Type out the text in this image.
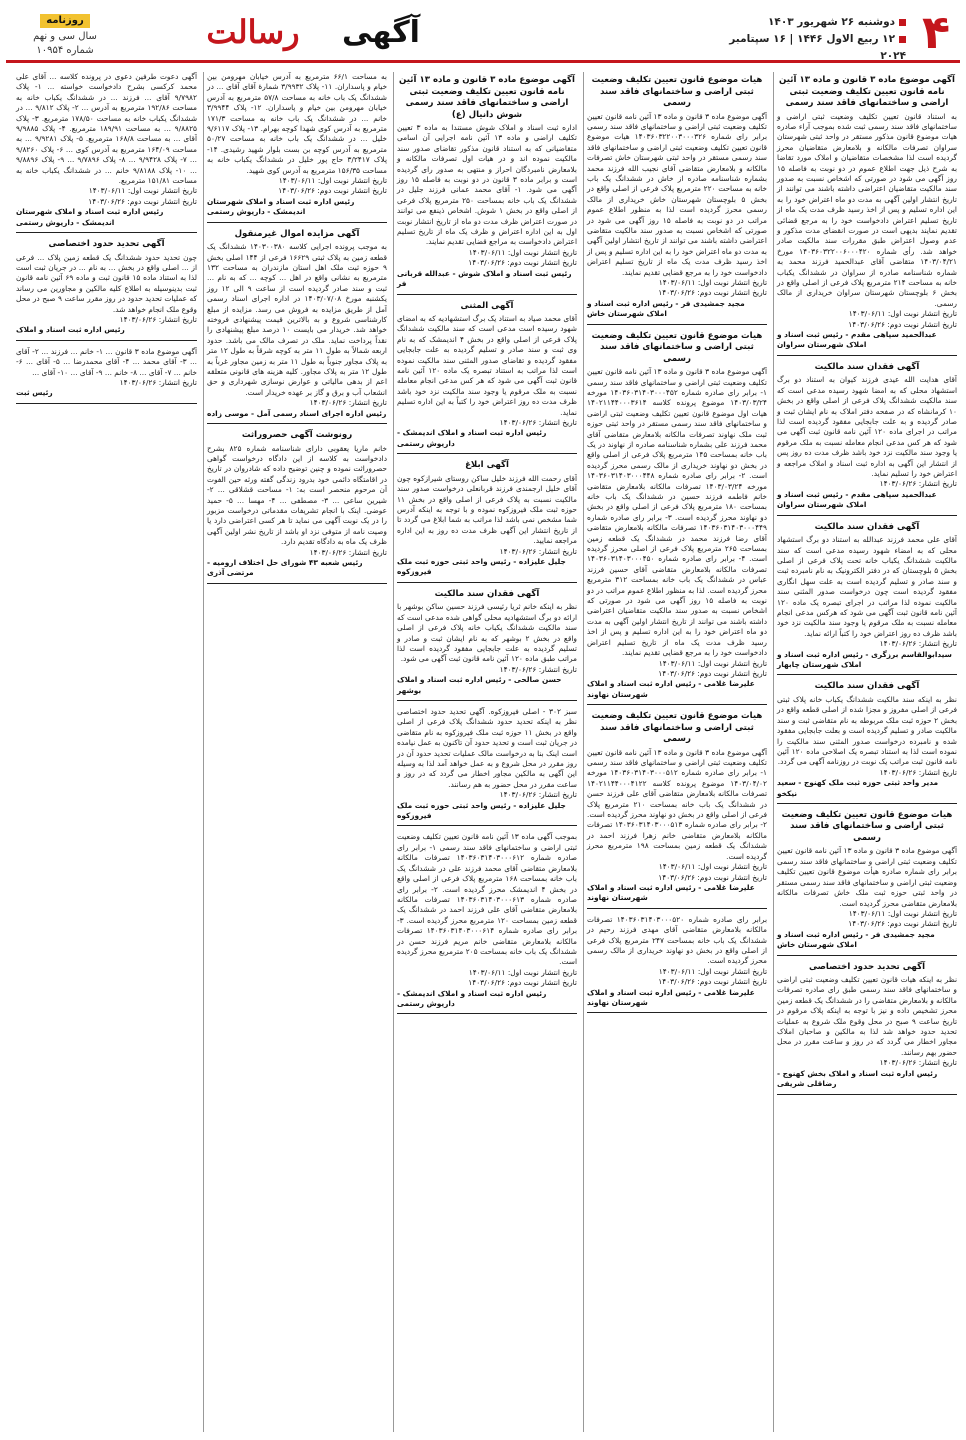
۴
دوشنبه ۲۶ شهریور ۱۴۰۳
۱۲ ربیع الاول ۱۴۴۶ | ۱۶ سپتامبر ۲۰۲۴
آگهی
رسالت
روزنامه
سال سی و نهم
شماره ۱۰۹۵۴
آگهی موضوع ماده ۳ قانون و ماده ۱۳ آئین نامه قانون تعیین تکلیف وضعیت ثبتی اراضی و ساختمانهای فاقد سند رسمی
به استناد قانون تعیین تکلیف وضعیت ثبتی اراضی و ساختمانهای فاقد سند رسمی ثبت شده بموجب آراء صادره هیات موضوع قانون مذکور مستقر در واحد ثبتی شهرستان سراوان تصرفات مالکانه و بلامعارض متقاضیان محرز گردیده است لذا مشخصات متقاضیان و املاک مورد تقاضا به شرح ذیل جهت اطلاع عموم در دو نوبت به فاصله ۱۵ روز آگهی می شود در صورتی که اشخاص نسبت به صدور سند مالکیت متقاضیان اعتراضی داشته باشند می توانند از تاریخ انتشار اولین آگهی به مدت دو ماه اعتراض خود را به این اداره تسلیم و پس از اخذ رسید ظرف مدت یک ماه از تاریخ تسلیم اعتراض دادخواست خود را به مرجع قضائی تقدیم نمایند بدیهی است در صورت انقضای مدت مذکور و عدم وصول اعتراض طبق مقررات سند مالکیت صادر خواهد شد. رأی شماره ۱۴۰۳۶۰۳۲۲۰۰۶۰۰۰۴۲۰ مورخ ۱۴۰۳/۰۴/۲۱ متقاضی آقای عبدالحمید فرزند محمد به شماره شناسنامه صادره از سراوان در ششدانگ یکباب خانه به مساحت ۲۱۴ مترمربع پلاک فرعی از اصلی واقع در بخش ۶ بلوچستان شهرستان سراوان خریداری از مالک رسمی.
تاریخ انتشار نوبت اول: ۱۴۰۳/۰۶/۱۱
تاریخ انتشار نوبت دوم: ۱۴۰۳/۰۶/۲۶
عبدالحمید سپاهی مقدم - رئیس ثبت اسناد و املاک شهرستان سراوان
آگهی فقدان سند مالکیت
آقای هدایت الله عیدی فرزند کیوان به استناد دو برگ استشهاد محلی که به امضا شهود رسیده مدعی است که سند مالکیت ششدانگ پلاک فرعی از اصلی واقع در بخش ۱۰ کرمانشاه که در صفحه دفتر املاک به نام ایشان ثبت و صادر گردیده و به علت جابجایی مفقود گردیده است لذا مراتب در اجرای ماده ۱۲۰ آئین نامه قانون ثبت آگهی می شود که هر کس مدعی انجام معامله نسبت به ملک مرقوم یا وجود سند مالکیت نزد خود باشد ظرف مدت ده روز پس از انتشار این آگهی به اداره ثبت اسناد و املاک مراجعه و اعتراض خود را تسلیم نماید.
تاریخ انتشار: ۱۴۰۳/۰۶/۲۶
عبدالحمید سپاهی مقدم - رئیس ثبت اسناد و املاک شهرستان سراوان
آگهی فقدان سند مالکیت
آقای علی محمد فرزند عبدالله به استناد دو برگ استشهاد محلی که به امضاء شهود رسیده مدعی است که سند مالکیت ششدانگ یکباب خانه تحت پلاک فرعی از اصلی بخش ۵ بلوچستان که در دفتر الکترونیک به نام نامبرده ثبت و سند صادر و تسلیم گردیده است به علت سهل انگاری مفقود گردیده است چون درخواست صدور المثنی سند مالکیت نموده لذا مراتب در اجرای تبصره یک ماده ۱۲۰ آئین نامه قانون ثبت آگهی می شود که هرکس مدعی انجام معامله نسبت به ملک مرقوم یا وجود سند مالکیت نزد خود باشد ظرف ده روز اعتراض خود را کتباً ارائه نماید.
تاریخ انتشار: ۱۴۰۳/۰۶/۲۶
سیدابوالقاسم برزگری - رئیس اداره ثبت اسناد و املاک شهرستان چابهار
آگهی فقدان سند مالکیت
نظر به اینکه سند مالکیت ششدانگ یکباب خانه پلاک ثبتی فرعی از اصلی مفروز و مجزا شده از اصلی قطعه واقع در بخش ۲ حوزه ثبت ملک مربوطه به نام متقاضی ثبت و سند مالکیت صادر و تسلیم گردیده است و بعلت جابجایی مفقود شده و نامبرده درخواست صدور المثنی سند مالکیت را نموده است لذا به استناد تبصره یک اصلاحی ماده ۱۲۰ آئین نامه قانون ثبت مراتب یک نوبت در روزنامه آگهی می گردد.
تاریخ انتشار: ۱۴۰۳/۰۶/۲۶
مدیر واحد ثبتی حوزه ثبت ملک کهنوج - سعید نیکخو
هیات موضوع قانون تعیین تکلیف وضعیت ثبتی اراضی و ساختمانهای فاقد سند رسمی
آگهی موضوع ماده ۳ قانون و ماده ۱۳ آئین نامه قانون تعیین تکلیف وضعیت ثبتی اراضی و ساختمانهای فاقد سند رسمی برابر رای شماره صادره هیأت موضوع قانون تعیین تکلیف وضعیت ثبتی اراضی و ساختمانهای فاقد سند رسمی مستقر در واحد ثبتی حوزه ثبت ملک خاش تصرفات مالکانه بلامعارض متقاضی محرز گردیده است.
تاریخ انتشار نوبت اول: ۱۴۰۳/۰۶/۱۱
تاریخ انتشار نوبت دوم: ۱۴۰۳/۰۶/۲۶
مجید جمشیدی فر - رئیس اداره ثبت اسناد و املاک شهرستان خاش
آگهی تحدید حدود اختصاصی
نظر به اینکه هیات قانون تعیین تکلیف وضعیت ثبتی اراضی و ساختمانهای فاقد سند رسمی طبق رای صادره تصرفات مالکانه و بلامعارض متقاضی را در ششدانگ یک قطعه زمین محرز تشخیص داده و نیز با توجه به اینکه پلاک مرقوم در تاریخ ساعت ۹ صبح در محل وقوع ملک شروع به عملیات تحدید حدود خواهد شد لذا به مالکین و صاحبان املاک مجاور اخطار می گردد که در روز و ساعت مقرر در محل حضور بهم رسانند.
تاریخ انتشار: ۱۴۰۳/۰۶/۲۶
رئیس اداره ثبت اسناد و املاک بخش کهنوج - رضاقلی شریفی
هیات موضوع قانون تعیین تکلیف وضعیت ثبتی اراضی و ساختمانهای فاقد سند رسمی
آگهی موضوع ماده ۳ قانون و ماده ۱۳ آئین نامه قانون تعیین تکلیف وضعیت ثبتی اراضی و ساختمانهای فاقد سند رسمی برابر رای شماره ۱۴۰۳۶۰۳۲۲۰۰۳۰۰۰۳۲۶ هیات موضوع قانون تعیین تکلیف وضعیت ثبتی اراضی و ساختمانهای فاقد سند رسمی مستقر در واحد ثبتی شهرستان خاش تصرفات مالکانه و بلامعارض متقاضی آقای نجیب الله فرزند محمد بشماره شناسنامه صادره از خاش در ششدانگ یک باب خانه به مساحت ۲۲۰ مترمربع پلاک فرعی از اصلی واقع در بخش ۵ بلوچستان شهرستان خاش خریداری از مالک رسمی محرز گردیده است لذا به منظور اطلاع عموم مراتب در دو نوبت به فاصله ۱۵ روز آگهی می شود در صورتی که اشخاص نسبت به صدور سند مالکیت متقاضی اعتراضی داشته باشند می توانند از تاریخ انتشار اولین آگهی به مدت دو ماه اعتراض خود را به این اداره تسلیم و پس از اخذ رسید ظرف مدت یک ماه از تاریخ تسلیم اعتراض دادخواست خود را به مرجع قضایی تقدیم نمایند.
تاریخ انتشار نوبت اول: ۱۴۰۳/۰۶/۱۱
تاریخ انتشار نوبت دوم: ۱۴۰۳/۰۶/۲۶
مجید جمشیدی فر - رئیس اداره ثبت اسناد و املاک شهرستان خاش
هیات موضوع قانون تعیین تکلیف وضعیت ثبتی اراضی و ساختمانهای فاقد سند رسمی
آگهی موضوع ماده ۳ قانون و ماده ۱۳ آئین نامه قانون تعیین تکلیف وضعیت ثبتی اراضی و ساختمانهای فاقد سند رسمی ۱- برابر رای صادره شماره ۱۴۰۳۶۰۳۱۴۰۳۰۰۰۴۵۲ مورخه ۱۴۰۳/۰۳/۲۴ موضوع پرونده کلاسه ۱۴۰۲۱۱۴۴۰۰۰۳۶۱۴ هیات اول موضوع قانون تعیین تکلیف وضعیت ثبتی اراضی و ساختمانهای فاقد سند رسمی مستقر در واحد ثبتی حوزه ثبت ملک نهاوند تصرفات مالکانه بلامعارض متقاضی آقای محمد فرزند علی بشماره شناسنامه صادره از نهاوند در یک باب خانه بمساحت ۱۴۵ مترمربع پلاک فرعی از اصلی واقع در بخش دو نهاوند خریداری از مالک رسمی محرز گردیده است. ۲- برابر رای صادره شماره ۱۴۰۳۶۰۳۱۴۰۳۰۰۰۴۴۸ مورخه ۱۴۰۳/۰۳/۲۴ تصرفات مالکانه بلامعارض متقاضی خانم فاطمه فرزند حسین در ششدانگ یک باب خانه بمساحت ۱۸۰ مترمربع پلاک فرعی از اصلی واقع در بخش دو نهاوند محرز گردیده است. ۳- برابر رای صادره شماره ۱۴۰۳۶۰۳۱۴۰۳۰۰۰۴۴۹ تصرفات مالکانه بلامعارض متقاضی آقای رضا فرزند محمد در ششدانگ یک قطعه زمین بمساحت ۲۶۵ مترمربع پلاک فرعی از اصلی محرز گردیده است. ۴- برابر رای صادره شماره ۱۴۰۳۶۰۳۱۴۰۳۰۰۰۴۵۰ تصرفات مالکانه بلامعارض متقاضی آقای حسین فرزند عباس در ششدانگ یک باب خانه بمساحت ۳۱۲ مترمربع محرز گردیده است. لذا به منظور اطلاع عموم مراتب در دو نوبت به فاصله ۱۵ روز آگهی می شود در صورتی که اشخاص نسبت به صدور سند مالکیت متقاضیان اعتراضی داشته باشند می توانند از تاریخ انتشار اولین آگهی به مدت دو ماه اعتراض خود را به این اداره تسلیم و پس از اخذ رسید ظرف مدت یک ماه از تاریخ تسلیم اعتراض دادخواست خود را به مرجع قضایی تقدیم نمایند.
تاریخ انتشار نوبت اول: ۱۴۰۳/۰۶/۱۱
تاریخ انتشار نوبت دوم: ۱۴۰۳/۰۶/۲۶
علیرضا غلامی - رئیس اداره ثبت اسناد و املاک شهرستان نهاوند
هیات موضوع قانون تعیین تکلیف وضعیت ثبتی اراضی و ساختمانهای فاقد سند رسمی
آگهی موضوع ماده ۳ قانون و ماده ۱۳ آئین نامه قانون تعیین تکلیف وضعیت ثبتی اراضی و ساختمانهای فاقد سند رسمی ۱- برابر رای صادره شماره ۱۴۰۳۶۰۳۱۴۰۳۰۰۰۵۱۲ مورخه ۱۴۰۳/۰۴/۰۲ موضوع پرونده کلاسه ۱۴۰۲۱۱۴۴۰۰۰۴۱۲۲ تصرفات مالکانه بلامعارض متقاضی آقای علی فرزند حسن در ششدانگ یک باب خانه بمساحت ۲۱۰ مترمربع پلاک فرعی از اصلی واقع در بخش دو نهاوند محرز گردیده است. ۲- برابر رای صادره شماره ۱۴۰۳۶۰۳۱۴۰۳۰۰۰۵۱۳ تصرفات مالکانه بلامعارض متقاضی خانم زهرا فرزند احمد در ششدانگ یک قطعه زمین بمساحت ۱۹۸ مترمربع محرز گردیده است.
تاریخ انتشار نوبت اول: ۱۴۰۳/۰۶/۱۱
تاریخ انتشار نوبت دوم: ۱۴۰۳/۰۶/۲۶
علیرضا غلامی - رئیس اداره ثبت اسناد و املاک شهرستان نهاوند
برابر رای صادره شماره ۱۴۰۳۶۰۳۱۴۰۳۰۰۰۵۲۰ تصرفات مالکانه بلامعارض متقاضی آقای مهدی فرزند رحیم در ششدانگ یک باب خانه بمساحت ۲۴۷ مترمربع پلاک فرعی از اصلی واقع در بخش دو نهاوند خریداری از مالک رسمی محرز گردیده است.
تاریخ انتشار نوبت اول: ۱۴۰۳/۰۶/۱۱
تاریخ انتشار نوبت دوم: ۱۴۰۳/۰۶/۲۶
علیرضا غلامی - رئیس اداره ثبت اسناد و املاک شهرستان نهاوند
آگهی موضوع ماده ۳ قانون و ماده ۱۳ آئین نامه قانون تعیین تکلیف وضعیت ثبتی اراضی و ساختمانهای فاقد سند رسمی شوش دانیال (ع)
اداره ثبت اسناد و املاک شوش مستندا به ماده ۳ تعیین تکلیف اراضی و ماده ۱۳ آئین نامه اجرایی آن اسامی متقاضیانی که به استناد قانون مذکور تقاضای صدور سند مالکیت نموده اند و در هیات اول تصرفات مالکانه و بلامعارض نامبردگان احراز و منتهی به صدور رای گردیده است و برابر ماده ۳ قانون در دو نوبت به فاصله ۱۵ روز آگهی می شود. ۱- آقای محمد عمانی فرزند جلیل در ششدانگ یک باب خانه بمساحت ۲۵۰ مترمربع پلاک فرعی از اصلی واقع در بخش ۱ شوش. اشخاص ذینفع می توانند در صورت اعتراض ظرف مدت دو ماه از تاریخ انتشار نوبت اول به این اداره اعتراض و ظرف یک ماه از تاریخ تسلیم اعتراض دادخواست به مراجع قضایی تقدیم نمایند.
تاریخ انتشار نوبت اول: ۱۴۰۳/۰۶/۱۱
تاریخ انتشار نوبت دوم: ۱۴۰۳/۰۶/۲۶
رئیس ثبت اسناد و املاک شوش - عبدالله قربانی فر
آگهی المثنی
آقای محمد صیاد به استناد یک برگ استشهادیه که به امضای شهود رسیده است مدعی است که سند مالکیت ششدانگ پلاک فرعی از اصلی واقع در بخش ۴ اندیمشک که به نام وی ثبت و سند صادر و تسلیم گردیده به علت جابجایی مفقود گردیده و تقاضای صدور المثنی سند مالکیت نموده است لذا مراتب به استناد تبصره یک ماده ۱۲۰ آئین نامه قانون ثبت آگهی می شود که هر کس مدعی انجام معامله نسبت به ملک مرقوم یا وجود سند مالکیت نزد خود باشد ظرف مدت ده روز اعتراض خود را کتباً به این اداره تسلیم نماید.
تاریخ انتشار: ۱۴۰۳/۰۶/۲۶
رئیس اداره ثبت اسناد و املاک اندیمشک - داریوش رستمی
آگهی ابلاغ
آقای رحمت الله فرزند خلیل ساکن روستای شیرازکوه چون آقای خلیل ارجمندی فرزند قربانعلی درخواست صدور سند مالکیت نسبت به پلاک فرعی از اصلی واقع در بخش ۱۱ حوزه ثبت ملک فیروزکوه نموده و با توجه به اینکه آدرس شما مشخص نمی باشد لذا مراتب به شما ابلاغ می گردد تا از تاریخ انتشار این آگهی ظرف مدت ده روز به این اداره مراجعه نمایید.
تاریخ انتشار: ۱۴۰۳/۰۶/۲۶
جلیل علیزاده - رئیس واحد ثبتی حوزه ثبت ملک فیروزکوه
آگهی فقدان سند مالکیت
نظر به اینکه خانم ثریا رئیسی فرزند حسین ساکن بوشهر با ارائه دو برگ استشهادیه محلی گواهی شده مدعی است که سند مالکیت ششدانگ یکباب خانه پلاک فرعی از اصلی واقع در بخش ۲ بوشهر که به نام ایشان ثبت و صادر و تسلیم گردیده به علت جابجایی مفقود گردیده است لذا مراتب طبق ماده ۱۲۰ آئین نامه قانون ثبت آگهی می شود.
تاریخ انتشار: ۱۴۰۳/۰۶/۲۶
حسن صالحی - رئیس اداره ثبت اسناد و املاک بوشهر
سبز ۳۰۲ - اصلی فیروزکوه. آگهی تحدید حدود اختصاصی نظر به اینکه تحدید حدود ششدانگ پلاک فرعی از اصلی واقع در بخش ۱۱ حوزه ثبت ملک فیروزکوه به نام متقاضی در جریان ثبت است و تحدید حدود آن تاکنون به عمل نیامده است اینک بنا به درخواست مالک عملیات تحدید حدود آن در روز مقرر در محل شروع و به عمل خواهد آمد لذا به وسیله این آگهی به مالکین مجاور اخطار می گردد که در روز و ساعت مقرر در محل حضور به هم رسانند.
تاریخ انتشار: ۱۴۰۳/۰۶/۲۶
جلیل علیزاده - رئیس واحد ثبتی حوزه ثبت ملک فیروزکوه
بموجب آگهی ماده ۱۳ آئین نامه قانون تعیین تکلیف وضعیت ثبتی اراضی و ساختمانهای فاقد سند رسمی ۱- برابر رای صادره شماره ۱۴۰۳۶۰۳۱۴۰۳۰۰۰۶۱۲ تصرفات مالکانه بلامعارض متقاضی آقای محمد فرزند علی در ششدانگ یک باب خانه بمساحت ۱۶۸ مترمربع پلاک فرعی از اصلی واقع در بخش ۴ اندیمشک محرز گردیده است. ۲- برابر رای صادره شماره ۱۴۰۳۶۰۳۱۴۰۳۰۰۰۶۱۳ تصرفات مالکانه بلامعارض متقاضی آقای علی فرزند احمد در ششدانگ یک قطعه زمین بمساحت ۱۲۰ مترمربع محرز گردیده است. ۳- برابر رای صادره شماره ۱۴۰۳۶۰۳۱۴۰۳۰۰۰۶۱۴ تصرفات مالکانه بلامعارض متقاضی خانم مریم فرزند حسن در ششدانگ یک باب خانه بمساحت ۲۰۵ مترمربع محرز گردیده است.
تاریخ انتشار نوبت اول: ۱۴۰۳/۰۶/۱۱
تاریخ انتشار نوبت دوم: ۱۴۰۳/۰۶/۲۶
رئیس اداره ثبت اسناد و املاک اندیمشک - داریوش رستمی
به مساحت ۶۶/۱ مترمربع به آدرس خیابان مهرومن بین خیام و پاسداران. ۱۱- پلاک ۳/۹۹۳۲ شمارۀ آقای آقای ... در ششدانگ یک باب خانه به مساحت ۵۷/۸ مترمربع به آدرس خیابان مهرومن بین خیام و پاسداران. ۱۲- پلاک ۳/۹۹۴۴ خانم ... در ششدانگ یک باب خانه به مساحت ۱۷۱/۳ مترمربع به آدرس کوی شهدا کوچه بهرام. ۱۳- پلاک ۹/۶۱۱۷ خلیل ... در ششدانگ یک باب خانه به مساحت ۵۰/۲۷ مترمربع به آدرس کوچه بن بست بلوار شهید رشیدی. ۱۴- پلاک ۳/۲۴۱۷ حاج پور خلیل در ششدانگ یکباب خانه به مساحت ۱۵۶/۳۵ مترمربع به آدرس کوی شهید.
تاریخ انتشار نوبت اول: ۱۴۰۳/۰۶/۱۱
تاریخ انتشار نوبت دوم: ۱۴۰۳/۰۶/۲۶
رئیس اداره ثبت اسناد و املاک شهرستان اندیمشک - داریوش رستمی
آگهی مزایده اموال غیرمنقول
به موجب پرونده اجرایی کلاسه ۱۴۰۳۰۰۳۸۰ ششدانگ یک قطعه زمین به پلاک ثبتی ۱۶۶۲۹ فرعی از ۱۴۴ اصلی بخش ۹ حوزه ثبت ملک اهل استان مازندران به مساحت ۱۳۲ مترمربع به نشانی واقع در اهل ... کوچه ... که به نام ... ثبت و سند صادر گردیده است از ساعت ۹ الی ۱۲ روز یکشنبه مورخ ۱۴۰۳/۰۷/۰۸ در اداره اجرای اسناد رسمی آمل از طریق مزایده به فروش می رسد. مزایده از مبلغ کارشناسی شروع و به بالاترین قیمت پیشنهادی فروخته خواهد شد. خریدار می بایست ۱۰ درصد مبلغ پیشنهادی را نقداً پرداخت نماید. ملک در تصرف مالک می باشد. حدود اربعه شمالاً به طول ۱۱ متر به کوچه شرقاً به طول ۱۲ متر به پلاک مجاور جنوباً به طول ۱۱ متر به زمین مجاور غرباً به طول ۱۲ متر به پلاک مجاور. کلیه هزینه های قانونی متعلقه اعم از بدهی مالیاتی و عوارض نوسازی شهرداری و حق انشعاب آب و برق و گاز بر عهده خریدار است.
تاریخ انتشار: ۱۴۰۳/۰۶/۲۶
رئیس اداره اجرای اسناد رسمی آمل - موسی زاده
رونوشت آگهی حصروراثت
خانم ماریا یعقوبی دارای شناسنامه شماره ۸۲۵ بشرح دادخواست به کلاسه از این دادگاه درخواست گواهی حصروراثت نموده و چنین توضیح داده که شادروان در تاریخ در اقامتگاه دائمی خود بدرود زندگی گفته ورثه حین الفوت آن مرحوم منحصر است به: ۱- مساحت قشلاقی ... ۲- شیرین ساعی ... ۳- مصطفی ... ۴- مهسا ... ۵- حمید عوضی. اینک با انجام تشریفات مقدماتی درخواست مزبور را در یک نوبت آگهی می نماید تا هر کسی اعتراضی دارد یا وصیت نامه از متوفی نزد او باشد از تاریخ نشر اولین آگهی ظرف یک ماه به دادگاه تقدیم دارد.
تاریخ انتشار: ۱۴۰۳/۰۶/۲۶
رئیس شعبه ۴۳ شورای حل اختلاف ارومیه - مرتضی آذری
آگهی دعوت طرفین دعوی در پرونده کلاسه ... آقای علی محمد کرکسی بشرح دادخواست خواسته ... ۱- پلاک ۹/۷۹۸۲ آقای ... فرزند ... در ششدانگ یکباب خانه به مساحت ۱۹۲/۸۶ مترمربع به آدرس ... ۲- پلاک ۹/۸۱۲ ... در ششدانگ یکباب خانه به مساحت ۱۷۸/۵۰ مترمربع. ۳- پلاک ۹/۸۸۲۵ ... به مساحت ۱۸۹/۹۱ مترمربع. ۴- پلاک ۹/۹۸۸۵ آقای ... به مساحت ۱۶۸/۸ مترمربع. ۵- پلاک ۹/۹۲۸۱ ... به مساحت ۱۶۴/۰۹ مترمربع به آدرس کوی ... ۶- پلاک ۹/۸۲۶۰ ... ۷- پلاک ۹/۹۴۲۸ ... ۸- پلاک ۹/۷۸۹۶ ... ۹- پلاک ۹/۸۸۹۶ ... ۱۰- پلاک ۹/۸۱۸۸ خانم ... در ششدانگ یکباب خانه به مساحت ۱۵۱/۸۱ مترمربع.
تاریخ انتشار نوبت اول: ۱۴۰۳/۰۶/۱۱
تاریخ انتشار نوبت دوم: ۱۴۰۳/۰۶/۲۶
رئیس اداره ثبت اسناد و املاک شهرستان اندیمشک - داریوش رستمی
آگهی تحدید حدود اختصاصی
چون تحدید حدود ششدانگ یک قطعه زمین پلاک ... فرعی از ... اصلی واقع در بخش ... به نام ... در جریان ثبت است لذا به استناد ماده ۱۵ قانون ثبت و ماده ۶۹ آئین نامه قانون ثبت بدینوسیله به اطلاع کلیه مالکین و مجاورین می رساند که عملیات تحدید حدود در روز مقرر ساعت ۹ صبح در محل وقوع ملک انجام خواهد شد.
تاریخ انتشار: ۱۴۰۳/۰۶/۲۶
رئیس اداره ثبت اسناد و املاک
آگهی موضوع ماده ۳ قانون ... ۱- خانم ... فرزند ... ۲- آقای ... ۳- آقای محمد ... ۴- آقای محمدرضا ... ۵- آقای ... ۶- خانم ... ۷- آقای ... ۸- خانم ... ۹- آقای ... ۱۰- آقای ...
تاریخ انتشار: ۱۴۰۳/۰۶/۲۶
رئیس ثبت
